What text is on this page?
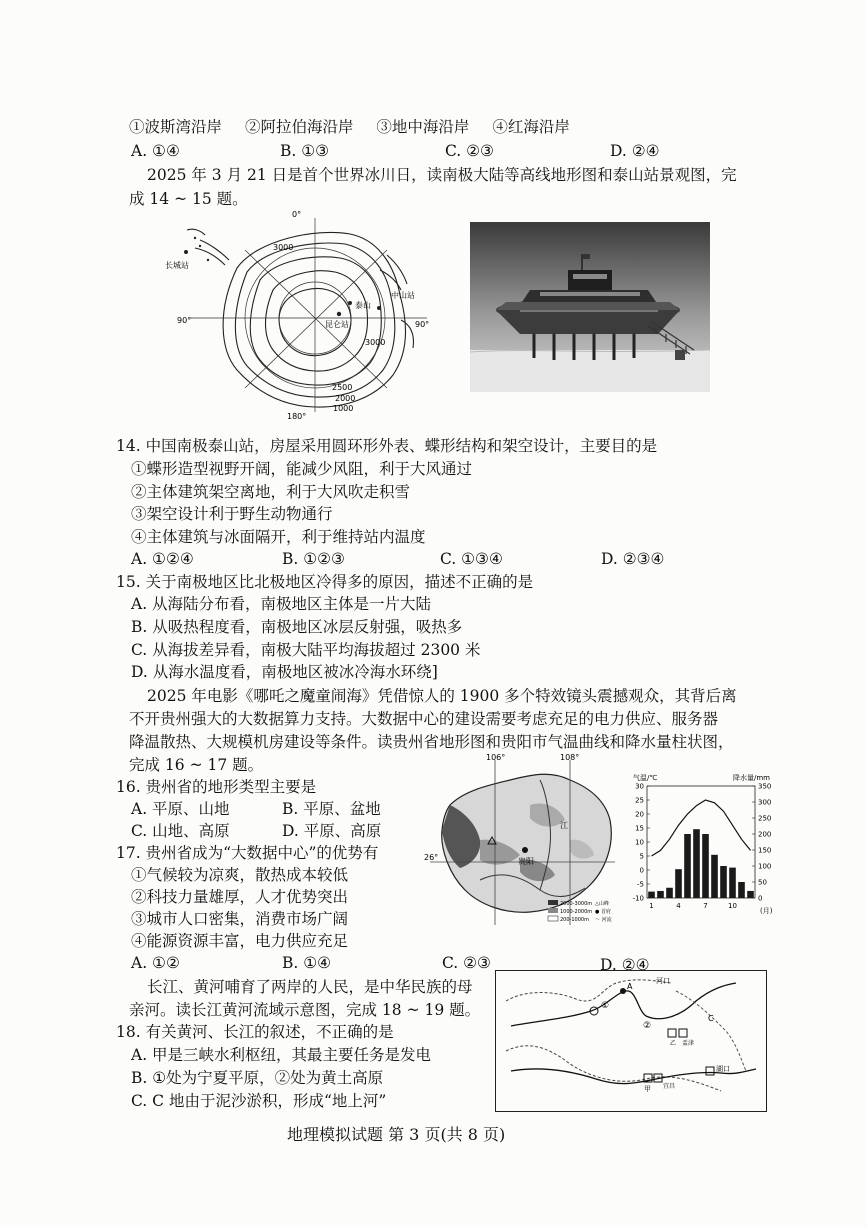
①波斯湾沿岸 ②阿拉伯海沿岸 ③地中海沿岸 ④红海沿岸
A. ①④	B. ①③	C. ②③	D. ②④
2025 年 3 月 21 日是首个世界冰川日，读南极大陆等高线地形图和泰山站景观图，完
成 14 ~ 15 题。
0°
长城站
中山站
90°	90°
昆仑站
泰山
3000
3000
2500
2000
1000
180°
14. 中国南极泰山站，房屋采用圆环形外表、蝶形结构和架空设计，主要目的是
①蝶形造型视野开阔，能减少风阻，利于大风通过
②主体建筑架空离地，利于大风吹走积雪
③架空设计利于野生动物通行
④主体建筑与冰面隔开，利于维持站内温度
A. ①②④	B. ①②③	C. ①③④	D. ②③④
15. 关于南极地区比北极地区冷得多的原因，描述不正确的是
A. 从海陆分布看，南极地区主体是一片大陆
B. 从吸热程度看，南极地区冰层反射强，吸热多
C. 从海拔差异看，南极大陆平均海拔超过 2300 米
D. 从海水温度看，南极地区被冰冷海水环绕]
2025 年电影《哪吒之魔童闹海》凭借惊人的 1900 多个特效镜头震撼观众，其背后离
不开贵州强大的大数据算力支持。大数据中心的建设需要考虑充足的电力供应、服务器
降温散热、大规模机房建设等条件。读贵州省地形图和贵阳市气温曲线和降水量柱状图，
完成 16 ~ 17 题。
16. 贵州省的地形类型主要是
A. 平原、山地	B. 平原、盆地
C. 山地、高原	D. 平原、高原
17. 贵州省成为“大数据中心”的优势有
①气候较为凉爽，散热成本较低
②科技力量雄厚，人才优势突出
③城市人口密集，消费市场广阔
④能源资源丰富，电力供应充足
A. ①②	B. ①④	C. ②③	D. ②④
106°	108°
26°	贵阳
江
2000-3000m
1000-2000m
200-1000m
△山峰
● 首府
〜 河流
气温/℃	降水量/mm
(月)
-10
-5
0
5
10
15
20
25
30
0
50
100
150
200
250
300
350
1	4	7	10
长江、黄河哺育了两岸的人民，是中华民族的母
亲河。读长江黄河流域示意图，完成 18 ~ 19 题。
18. 有关黄河、长江的叙述，不正确的是
A. 甲是三峡水利枢纽，其最主要任务是发电
B. ①处为宁夏平原，②处为黄土高原
C. C 地由于泥沙淤积，形成“地上河”
河口
C
①
②
甲 宜昌
湖口
乙 盂津
A
地理模拟试题 第 3 页(共 8 页)
